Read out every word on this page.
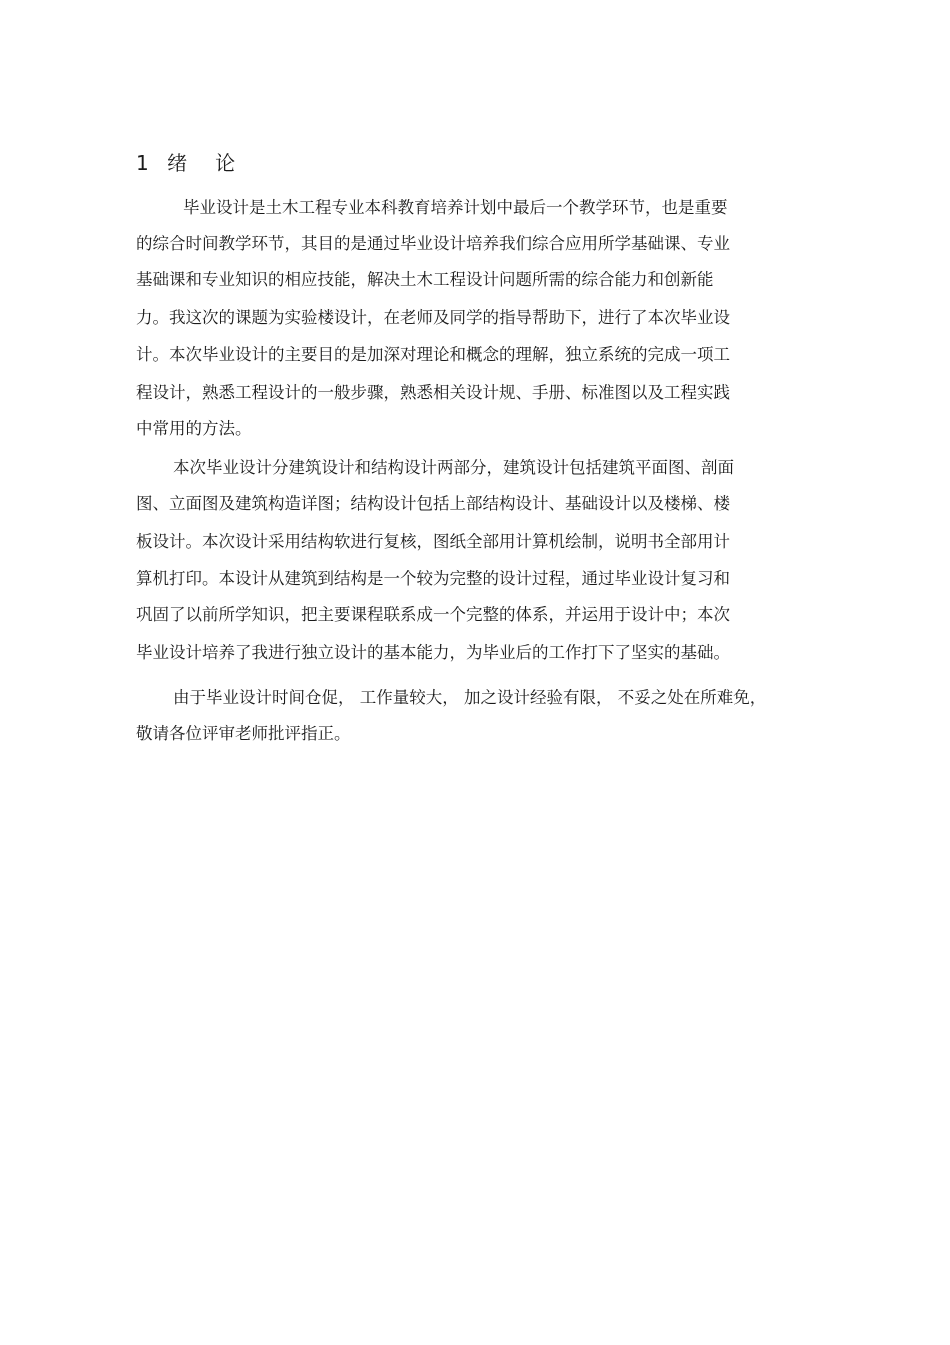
1 绪论
毕业设计是土木工程专业本科教育培养计划中最后一个教学环节，也是重要
的综合时间教学环节，其目的是通过毕业设计培养我们综合应用所学基础课、专业
基础课和专业知识的相应技能，解决土木工程设计问题所需的综合能力和创新能
力。我这次的课题为实验楼设计，在老师及同学的指导帮助下，进行了本次毕业设
计。本次毕业设计的主要目的是加深对理论和概念的理解，独立系统的完成一项工
程设计，熟悉工程设计的一般步骤，熟悉相关设计规、手册、标准图以及工程实践
中常用的方法。
本次毕业设计分建筑设计和结构设计两部分，建筑设计包括建筑平面图、剖面
图、立面图及建筑构造详图；结构设计包括上部结构设计、基础设计以及楼梯、楼
板设计。本次设计采用结构软进行复核，图纸全部用计算机绘制，说明书全部用计
算机打印。本设计从建筑到结构是一个较为完整的设计过程，通过毕业设计复习和
巩固了以前所学知识，把主要课程联系成一个完整的体系，并运用于设计中；本次
毕业设计培养了我进行独立设计的基本能力，为毕业后的工作打下了坚实的基础。
由于毕业设计时间仓促， 工作量较大， 加之设计经验有限， 不妥之处在所难免，
敬请各位评审老师批评指正。
